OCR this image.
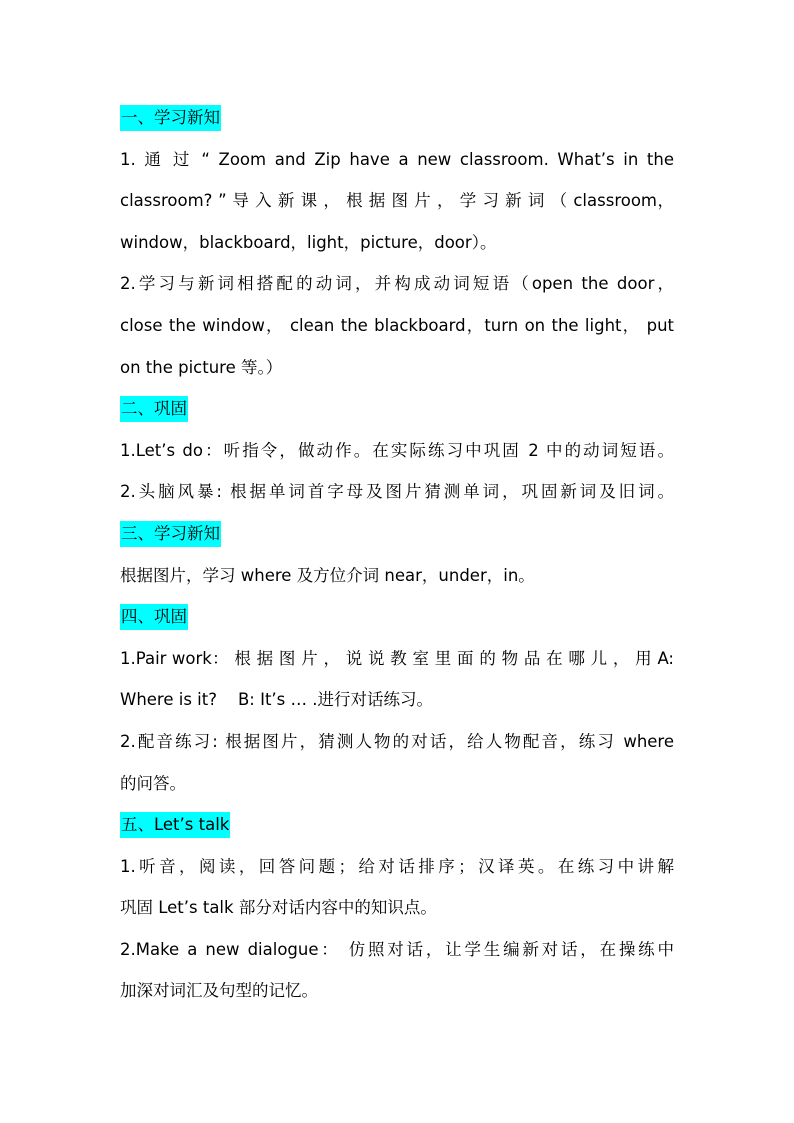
一、学习新知
1. 通 过 “ Zoom and Zip have a new classroom. What’s in the
classroom? ” 导 入 新 课 ， 根 据 图 片 ， 学 习 新 词 （ classroom，
window，blackboard，light，picture，door）。
2.学习与新词相搭配的动词，并构成动词短语（open the door，
close the window， clean the blackboard，turn on the light， put
on the picture 等。）
二、巩固
1.Let’s do：听指令，做动作。在实际练习中巩固 2 中的动词短语。
2.头脑风暴: 根据单词首字母及图片猜测单词，巩固新词及旧词。
三、学习新知
根据图片，学习 where 及方位介词 near，under，in。
四、巩固
1.Pair work： 根 据 图 片 ， 说 说 教 室 里 面 的 物 品 在 哪 儿 ， 用 A:
Where is it?    B: It’s … .进行对话练习。
2.配音练习: 根据图片，猜测人物的对话，给人物配音，练习 where
的问答。
五、Let’s talk
1.听音，阅读，回答问题；给对话排序；汉译英。在练习中讲解
巩固 Let’s talk 部分对话内容中的知识点。
2.Make a new dialogue： 仿照对话，让学生编新对话，在操练中
加深对词汇及句型的记忆。
